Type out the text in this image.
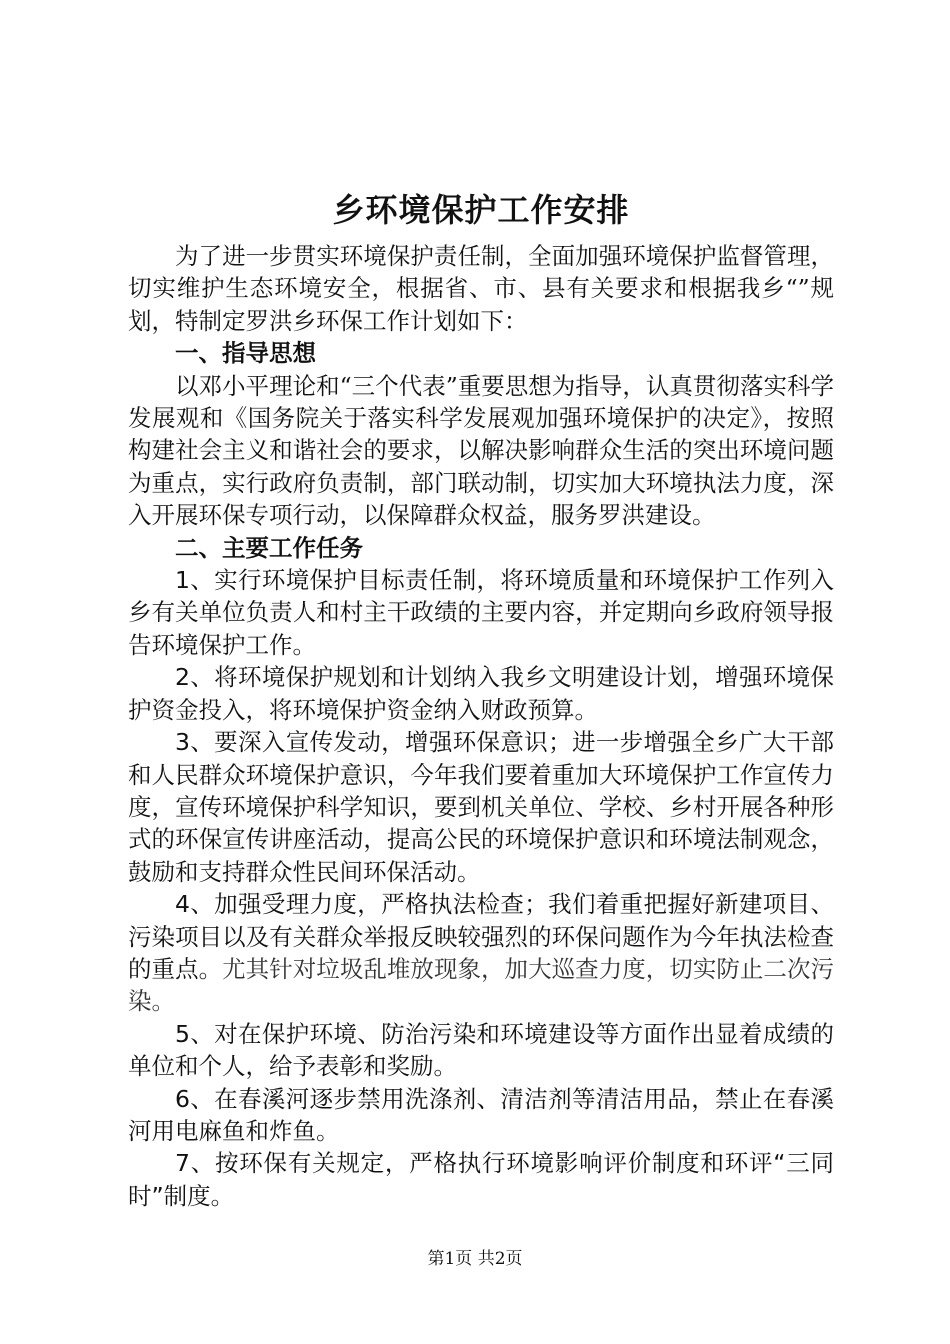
乡环境保护工作安排

为了进一步贯实环境保护责任制，全面加强环境保护监督管理，切实维护生态环境安全，根据省、市、县有关要求和根据我乡“”规划，特制定罗洪乡环保工作计划如下：

一、指导思想

以邓小平理论和“三个代表”重要思想为指导，认真贯彻落实科学发展观和《国务院关于落实科学发展观加强环境保护的决定》，按照构建社会主义和谐社会的要求，以解决影响群众生活的突出环境问题为重点，实行政府负责制，部门联动制，切实加大环境执法力度，深入开展环保专项行动，以保障群众权益，服务罗洪建设。

二、主要工作任务

1、实行环境保护目标责任制，将环境质量和环境保护工作列入乡有关单位负责人和村主干政绩的主要内容，并定期向乡政府领导报告环境保护工作。

2、将环境保护规划和计划纳入我乡文明建设计划，增强环境保护资金投入，将环境保护资金纳入财政预算。

3、要深入宣传发动，增强环保意识；进一步增强全乡广大干部和人民群众环境保护意识，今年我们要着重加大环境保护工作宣传力度，宣传环境保护科学知识，要到机关单位、学校、乡村开展各种形式的环保宣传讲座活动，提高公民的环境保护意识和环境法制观念，鼓励和支持群众性民间环保活动。

4、加强受理力度，严格执法检查；我们着重把握好新建项目、污染项目以及有关群众举报反映较强烈的环保问题作为今年执法检查的重点。尤其针对垃圾乱堆放现象，加大巡查力度，切实防止二次污染。

5、对在保护环境、防治污染和环境建设等方面作出显着成绩的单位和个人，给予表彰和奖励。

6、在春溪河逐步禁用洗涤剂、清洁剂等清洁用品，禁止在春溪河用电麻鱼和炸鱼。

7、按环保有关规定，严格执行环境影响评价制度和环评“三同时”制度。

第1页 共2页
